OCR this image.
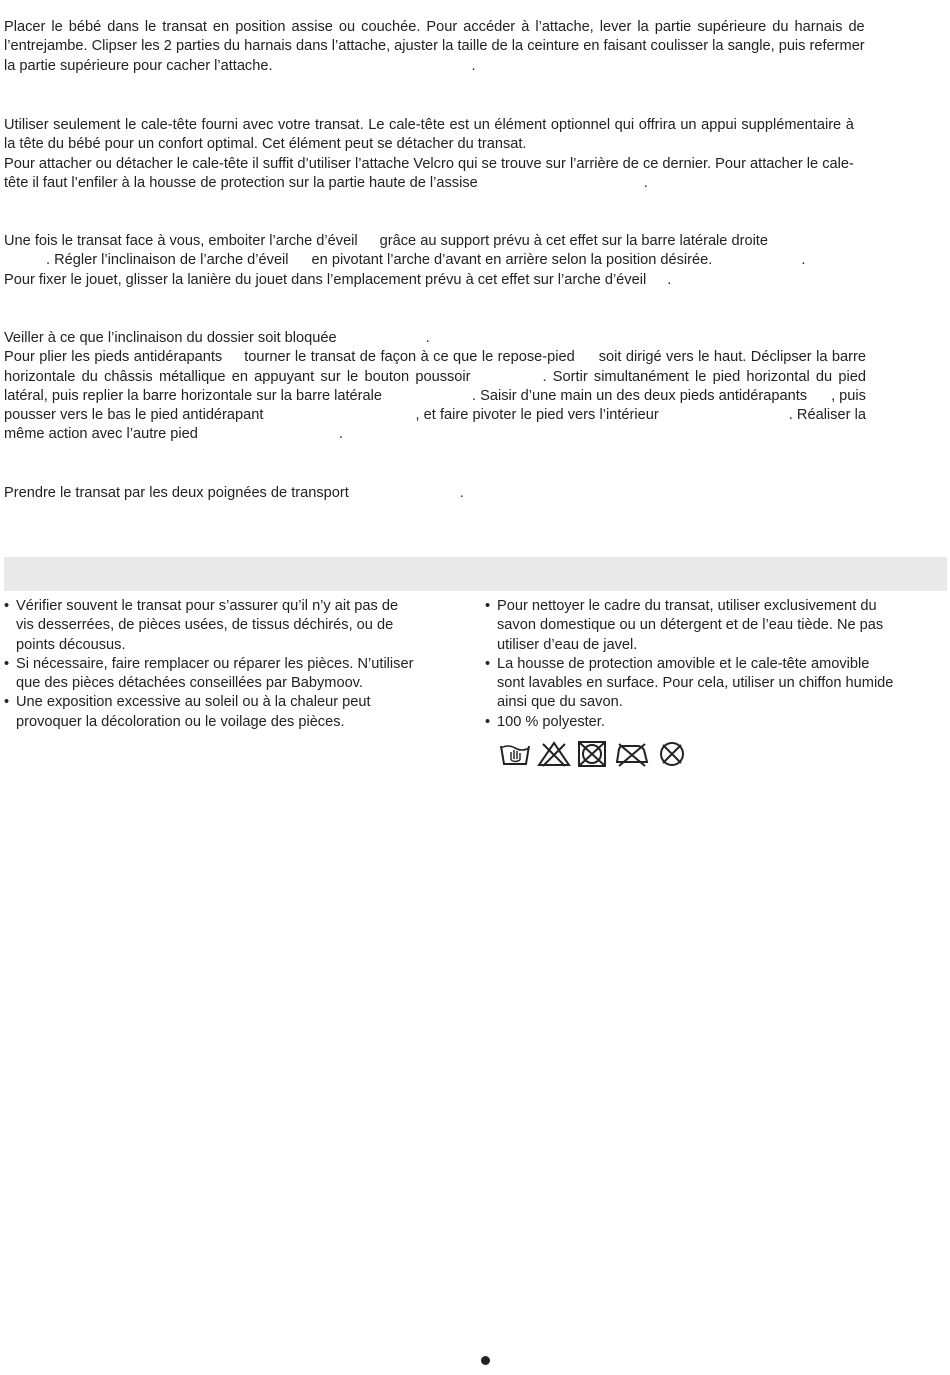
Placer le bébé dans le transat en position assise ou couchée. Pour accéder à l’attache, lever la partie supérieure du harnais de
l’entrejambe. Clipser les 2 parties du harnais dans l’attache, ajuster la taille de la ceinture en faisant coulisser la sangle, puis refermer
la partie supérieure pour cacher l’attache.	.

Utiliser seulement le cale-tête fourni avec votre transat. Le cale-tête est un élément optionnel qui offrira un appui supplémentaire à
la tête du bébé pour un confort optimal. Cet élément peut se détacher du transat.
Pour attacher ou détacher le cale-tête il suffit d’utiliser l’attache Velcro qui se trouve sur l’arrière de ce dernier. Pour attacher le cale-
tête il faut l’enfiler à la housse de protection sur la partie haute de l’assise	.

Une fois le transat face à vous, emboiter l’arche d’éveil grâce au support prévu à cet effet sur la barre latérale droite
. Régler l’inclinaison de l’arche d’éveil en pivotant l’arche d’avant en arrière selon la position désirée.	.
Pour fixer le jouet, glisser la lanière du jouet dans l’emplacement prévu à cet effet sur l’arche d’éveil .

Veiller à ce que l’inclinaison du dossier soit bloquée	.
Pour plier les pieds antidérapants tourner le transat de façon à ce que le repose-pied soit dirigé vers le haut. Déclipser la barre
horizontale du châssis métallique en appuyant sur le bouton poussoir	. Sortir simultanément le pied horizontal du pied
latéral, puis replier la barre horizontale sur la barre latérale	. Saisir d’une main un des deux pieds antidérapants , puis
pousser vers le bas le pied antidérapant	, et faire pivoter le pied vers l’intérieur	. Réaliser la
même action avec l’autre pied	.

Prendre le transat par les deux poignées de transport	.

• Vérifier souvent le transat pour s’assurer qu’il n’y ait pas de
vis desserrées, de pièces usées, de tissus déchirés, ou de
points décousus.
• Si nécessaire, faire remplacer ou réparer les pièces. N’utiliser
que des pièces détachées conseillées par Babymoov.
• Une exposition excessive au soleil ou à la chaleur peut
provoquer la décoloration ou le voilage des pièces.
• Pour nettoyer le cadre du transat, utiliser exclusivement du
savon domestique ou un détergent et de l’eau tiède. Ne pas
utiliser d’eau de javel.
• La housse de protection amovible et le cale-tête amovible
sont lavables en surface. Pour cela, utiliser un chiffon humide
ainsi que du savon.
• 100 % polyester.
